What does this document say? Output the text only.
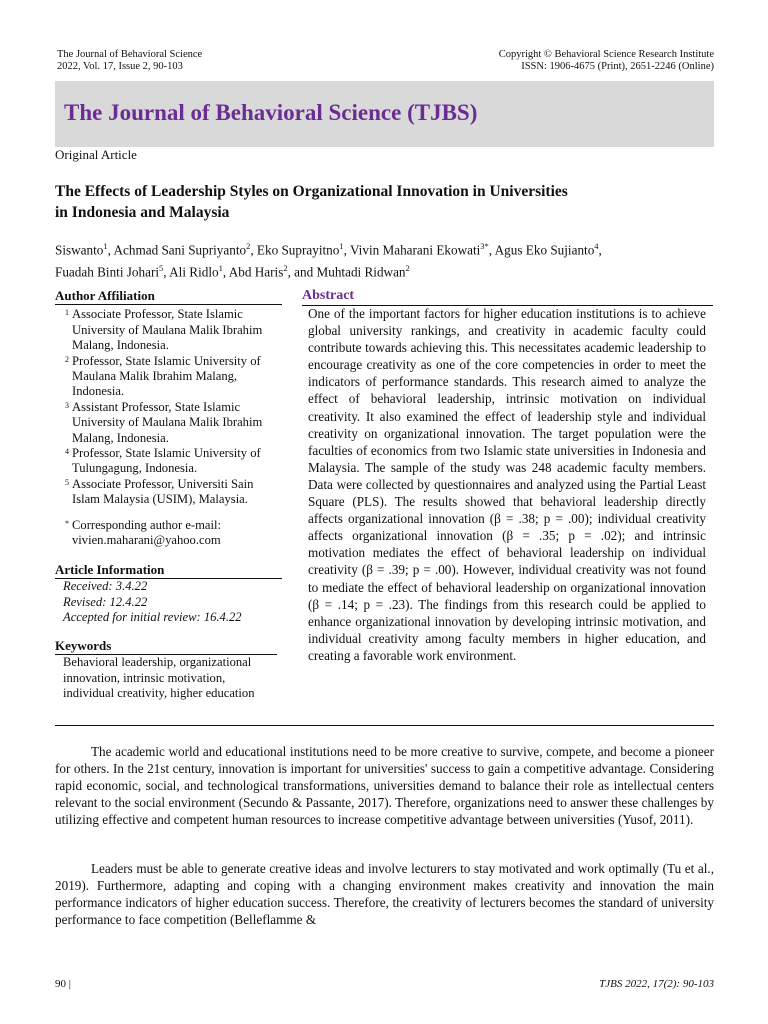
The Journal of Behavioral Science
2022, Vol. 17, Issue 2, 90-103
Copyright © Behavioral Science Research Institute
ISSN: 1906-4675 (Print), 2651-2246 (Online)
The Journal of Behavioral Science (TJBS)
Original Article
The Effects of Leadership Styles on Organizational Innovation in Universities
in Indonesia and Malaysia
Siswanto$^1$, Achmad Sani Supriyanto$^2$, Eko Suprayitno$^1$, Vivin Maharani Ekowati$^{3*}$, Agus Eko Sujianto$^4$,
Fuadah Binti Johari$^5$, Ali Ridlo$^1$, Abd Haris$^2$, and Muhtadi Ridwan$^2$
Author Affiliation
1 Associate Professor, State Islamic University of Maulana Malik Ibrahim Malang, Indonesia.
2 Professor, State Islamic University of Maulana Malik Ibrahim Malang, Indonesia.
3 Assistant Professor, State Islamic University of Maulana Malik Ibrahim Malang, Indonesia.
4 Professor, State Islamic University of Tulungagung, Indonesia.
5 Associate Professor, Universiti Sain Islam Malaysia (USIM), Malaysia.
* Corresponding author e-mail:
vivien.maharani@yahoo.com
Article Information
Received: 3.4.22
Revised: 12.4.22
Accepted for initial review: 16.4.22
Keywords
Behavioral leadership, organizational innovation, intrinsic motivation, individual creativity, higher education
Abstract
One of the important factors for higher education institutions is to achieve global university rankings, and creativity in academic faculty could contribute towards achieving this. This necessitates academic leadership to encourage creativity as one of the core competencies in order to meet the indicators of performance standards. This research aimed to analyze the effect of behavioral leadership, intrinsic motivation on individual creativity. It also examined the effect of leadership style and individual creativity on organizational innovation. The target population were the faculties of economics from two Islamic state universities in Indonesia and Malaysia. The sample of the study was 248 academic faculty members. Data were collected by questionnaires and analyzed using the Partial Least Square (PLS). The results showed that behavioral leadership directly affects organizational innovation (β = .38; p = .00); individual creativity affects organizational innovation (β = .35; p = .02); and intrinsic motivation mediates the effect of behavioral leadership on individual creativity (β = .39; p = .00). However, individual creativity was not found to mediate the effect of behavioral leadership on organizational innovation (β = .14; p = .23). The findings from this research could be applied to enhance organizational innovation by developing intrinsic motivation, and individual creativity among faculty members in higher education, and creating a favorable work environment.
The academic world and educational institutions need to be more creative to survive, compete, and become a pioneer for others. In the 21st century, innovation is important for universities' success to gain a competitive advantage. Considering rapid economic, social, and technological transformations, universities demand to balance their role as intellectual centers relevant to the social environment (Secundo & Passante, 2017). Therefore, organizations need to answer these challenges by utilizing effective and competent human resources to increase competitive advantage between universities (Yusof, 2011).
Leaders must be able to generate creative ideas and involve lecturers to stay motivated and work optimally (Tu et al., 2019). Furthermore, adapting and coping with a changing environment makes creativity and innovation the main performance indicators of higher education success. Therefore, the creativity of lecturers becomes the standard of university performance to face competition (Belleflamme &
90 |	TJBS 2022, 17(2): 90-103
